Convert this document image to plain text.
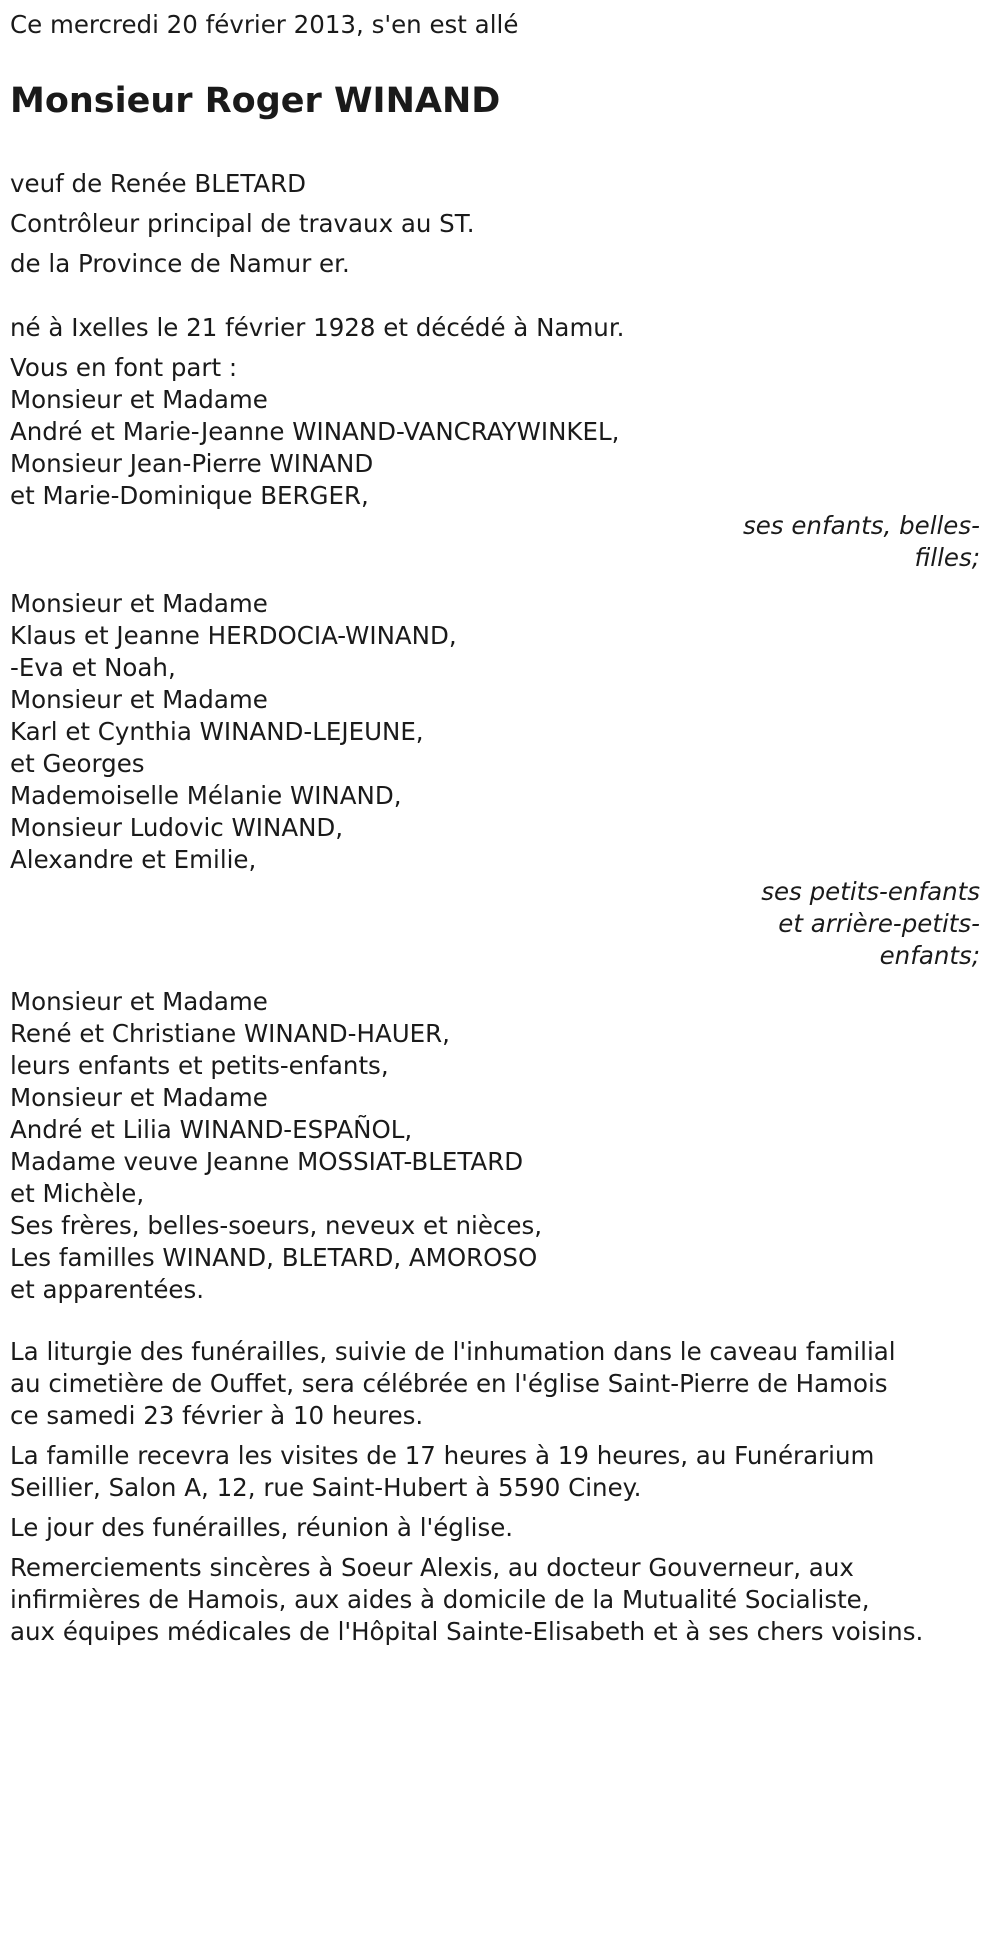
Ce mercredi 20 février 2013, s'en est allé
Monsieur Roger WINAND
veuf de Renée BLETARD
Contrôleur principal de travaux au ST.
de la Province de Namur er.
né à Ixelles le 21 février 1928 et décédé à Namur.
Vous en font part :
Monsieur et Madame
André et Marie-Jeanne WINAND-VANCRAYWINKEL,
Monsieur Jean-Pierre WINAND
et Marie-Dominique BERGER,
ses enfants, belles-
filles;
Monsieur et Madame
Klaus et Jeanne HERDOCIA-WINAND,
-Eva et Noah,
Monsieur et Madame
Karl et Cynthia WINAND-LEJEUNE,
et Georges
Mademoiselle Mélanie WINAND,
Monsieur Ludovic WINAND,
Alexandre et Emilie,
ses petits-enfants
et arrière-petits-
enfants;
Monsieur et Madame
René et Christiane WINAND-HAUER,
leurs enfants et petits-enfants,
Monsieur et Madame
André et Lilia WINAND-ESPAÑOL,
Madame veuve Jeanne MOSSIAT-BLETARD
et Michèle,
Ses frères, belles-soeurs, neveux et nièces,
Les familles WINAND, BLETARD, AMOROSO
et apparentées.
La liturgie des funérailles, suivie de l'inhumation dans le caveau familial
au cimetière de Ouffet, sera célébrée en l'église Saint-Pierre de Hamois
ce samedi 23 février à 10 heures.
La famille recevra les visites de 17 heures à 19 heures, au Funérarium
Seillier, Salon A, 12, rue Saint-Hubert à 5590 Ciney.
Le jour des funérailles, réunion à l'église.
Remerciements sincères à Soeur Alexis, au docteur Gouverneur, aux
infirmières de Hamois, aux aides à domicile de la Mutualité Socialiste,
aux équipes médicales de l'Hôpital Sainte-Elisabeth et à ses chers voisins.
